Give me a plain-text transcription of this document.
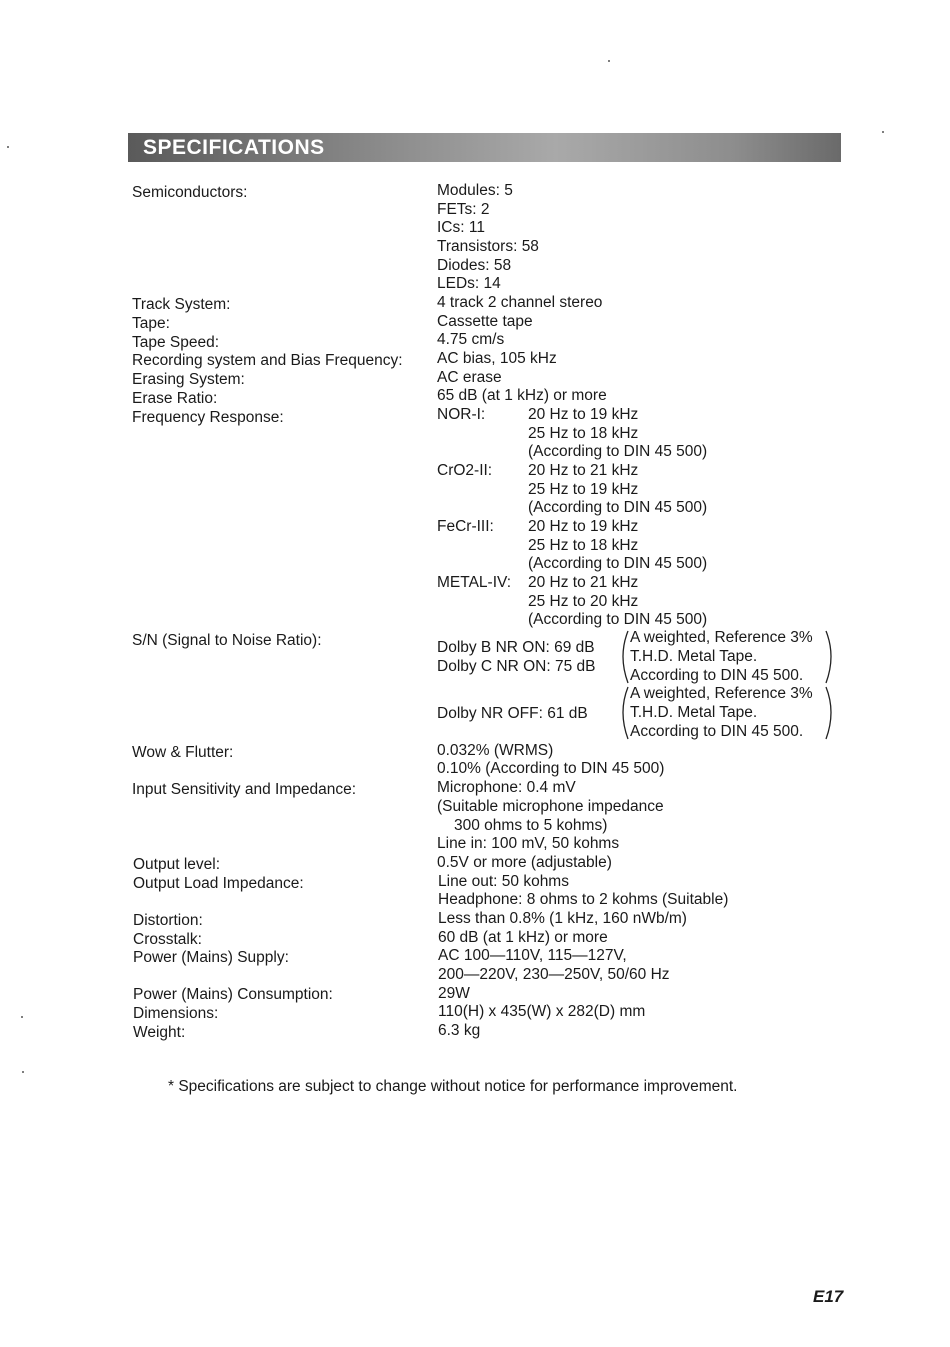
SPECIFICATIONS
Semiconductors:	Modules: 5
FETs: 2
ICs: 11
Transistors: 58
Diodes: 58
LEDs: 14
Track System:	4 track 2 channel stereo
Tape:	Cassette tape
Tape Speed:	4.75 cm/s
Recording system and Bias Frequency: AC bias, 105 kHz
Erasing System:	AC erase
Erase Ratio:	65 dB (at 1 kHz) or more
Frequency Response:	NOR-I:	20 Hz to 19 kHz
25 Hz to 18 kHz
(According to DIN 45 500)
CrO2-II: 20 Hz to 21 kHz
25 Hz to 19 kHz
(According to DIN 45 500)
FeCr-III: 20 Hz to 19 kHz
25 Hz to 18 kHz
(According to DIN 45 500)
METAL-IV: 20 Hz to 21 kHz
25 Hz to 20 kHz
(According to DIN 45 500)
S/N (Signal to Noise Ratio):	Dolby B NR ON: 69 dB
Dolby C NR ON: 75 dB
A weighted, Reference 3%
T.H.D. Metal Tape.
According to DIN 45 500.
Dolby NR OFF: 61 dB
A weighted, Reference 3%
T.H.D. Metal Tape.
According to DIN 45 500.
Wow & Flutter:	0.032% (WRMS)
0.10% (According to DIN 45 500)
Input Sensitivity and Impedance:	Microphone: 0.4 mV
(Suitable microphone impedance
300 ohms to 5 kohms)
Line in: 100 mV, 50 kohms
Output level:	0.5V or more (adjustable)
Output Load Impedance:	Line out: 50 kohms
Headphone: 8 ohms to 2 kohms (Suitable)
Distortion:	Less than 0.8% (1 kHz, 160 nWb/m)
Crosstalk:	60 dB (at 1 kHz) or more
Power (Mains) Supply:	AC 100—110V, 115—127V,
200—220V, 230—250V, 50/60 Hz
Power (Mains) Consumption:	29W
Dimensions:	110(H) x 435(W) x 282(D) mm
Weight:	6.3 kg
* Specifications are subject to change without notice for performance improvement.
E17
